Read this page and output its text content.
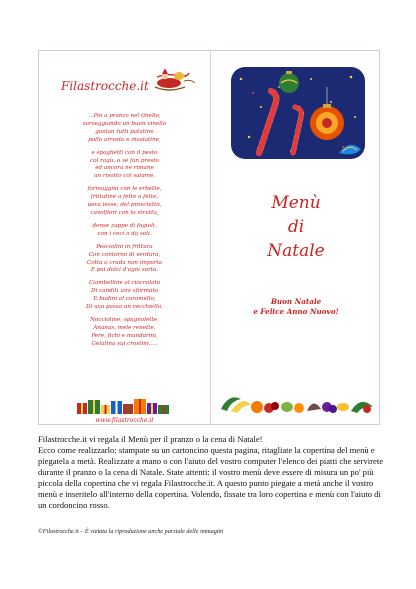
Filastrocche.it
...Poi a pranzo nel tinello,
sorseggiando un buon vinello
gustan tutti patatine
pollo arrosto e insalatine,
e spaghetti con il pesto
col ragù, o se fan presto
ed ancora ne rimane
un risotto col salame,
formaggini con le erbette,
frittatine a fette a fette,
uova lesse, del prosciutto,
cavolfiori con lo strutto,
dense zuppe di fagioli,
con i ceci o da soli.
Pesciolini in frittura
Con contorno di verdura,
Cotta o cruda non importa
E poi dolci d'ogni sorta.
Ciambelline al cioccolato
Di canditi uno sformato
E budini al caramello,
Di uva passa un vecchiello.
Noccioline, spagnolette,
Ananas, mele renette,
Pere, fichi e mandarini,
Gelatina sui crostini.....
www.filastrocche.it
Menù
di
Natale
Buon Natale
e Felice Anno Nuovo!

Filastrocche.it vi regala il Menù per il pranzo o la cena di Natale!

Ecco come realizzarlo: stampate su un cartoncino questa pagina, ritagliate la copertina del menù e piegatela a metà. Realizzate a mano o con l'aiuto del vostro computer l'elenco dei piatti che servirete durante il pranzo o la cena di Natale. State attenti: il vostro menù deve essere di misura un po' più piccola della copertina che vi regala Filastrocche.it. A questo punto piegate a metà anche il vostro menù e inseritelo all'interno della copertina. Volendo, fissate tra loro copertina e menù con l'aiuto di un cordoncino rosso.

©Filastrocche.it – È vietata la riproduzione anche parziale delle immagini
